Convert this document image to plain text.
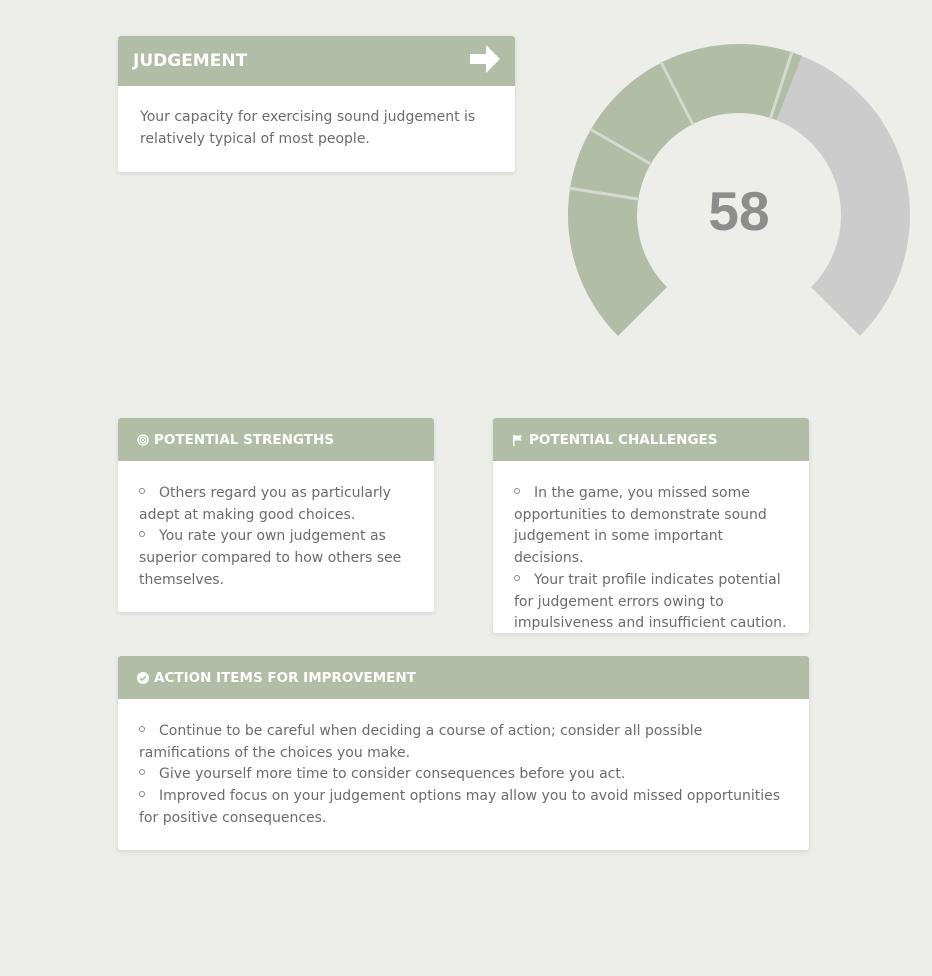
JUDGEMENT
Your capacity for exercising sound judgement is relatively typical of most people.
58
POTENTIAL STRENGTHS
Others regard you as particularly adept at making good choices.
You rate your own judgement as superior compared to how others see themselves.
POTENTIAL CHALLENGES
In the game, you missed some opportunities to demonstrate sound judgement in some important decisions.
Your trait profile indicates potential for judgement errors owing to impulsiveness and insufficient caution.
ACTION ITEMS FOR IMPROVEMENT
Continue to be careful when deciding a course of action; consider all possible ramifications of the choices you make.
Give yourself more time to consider consequences before you act.
Improved focus on your judgement options may allow you to avoid missed opportunities for positive consequences.
